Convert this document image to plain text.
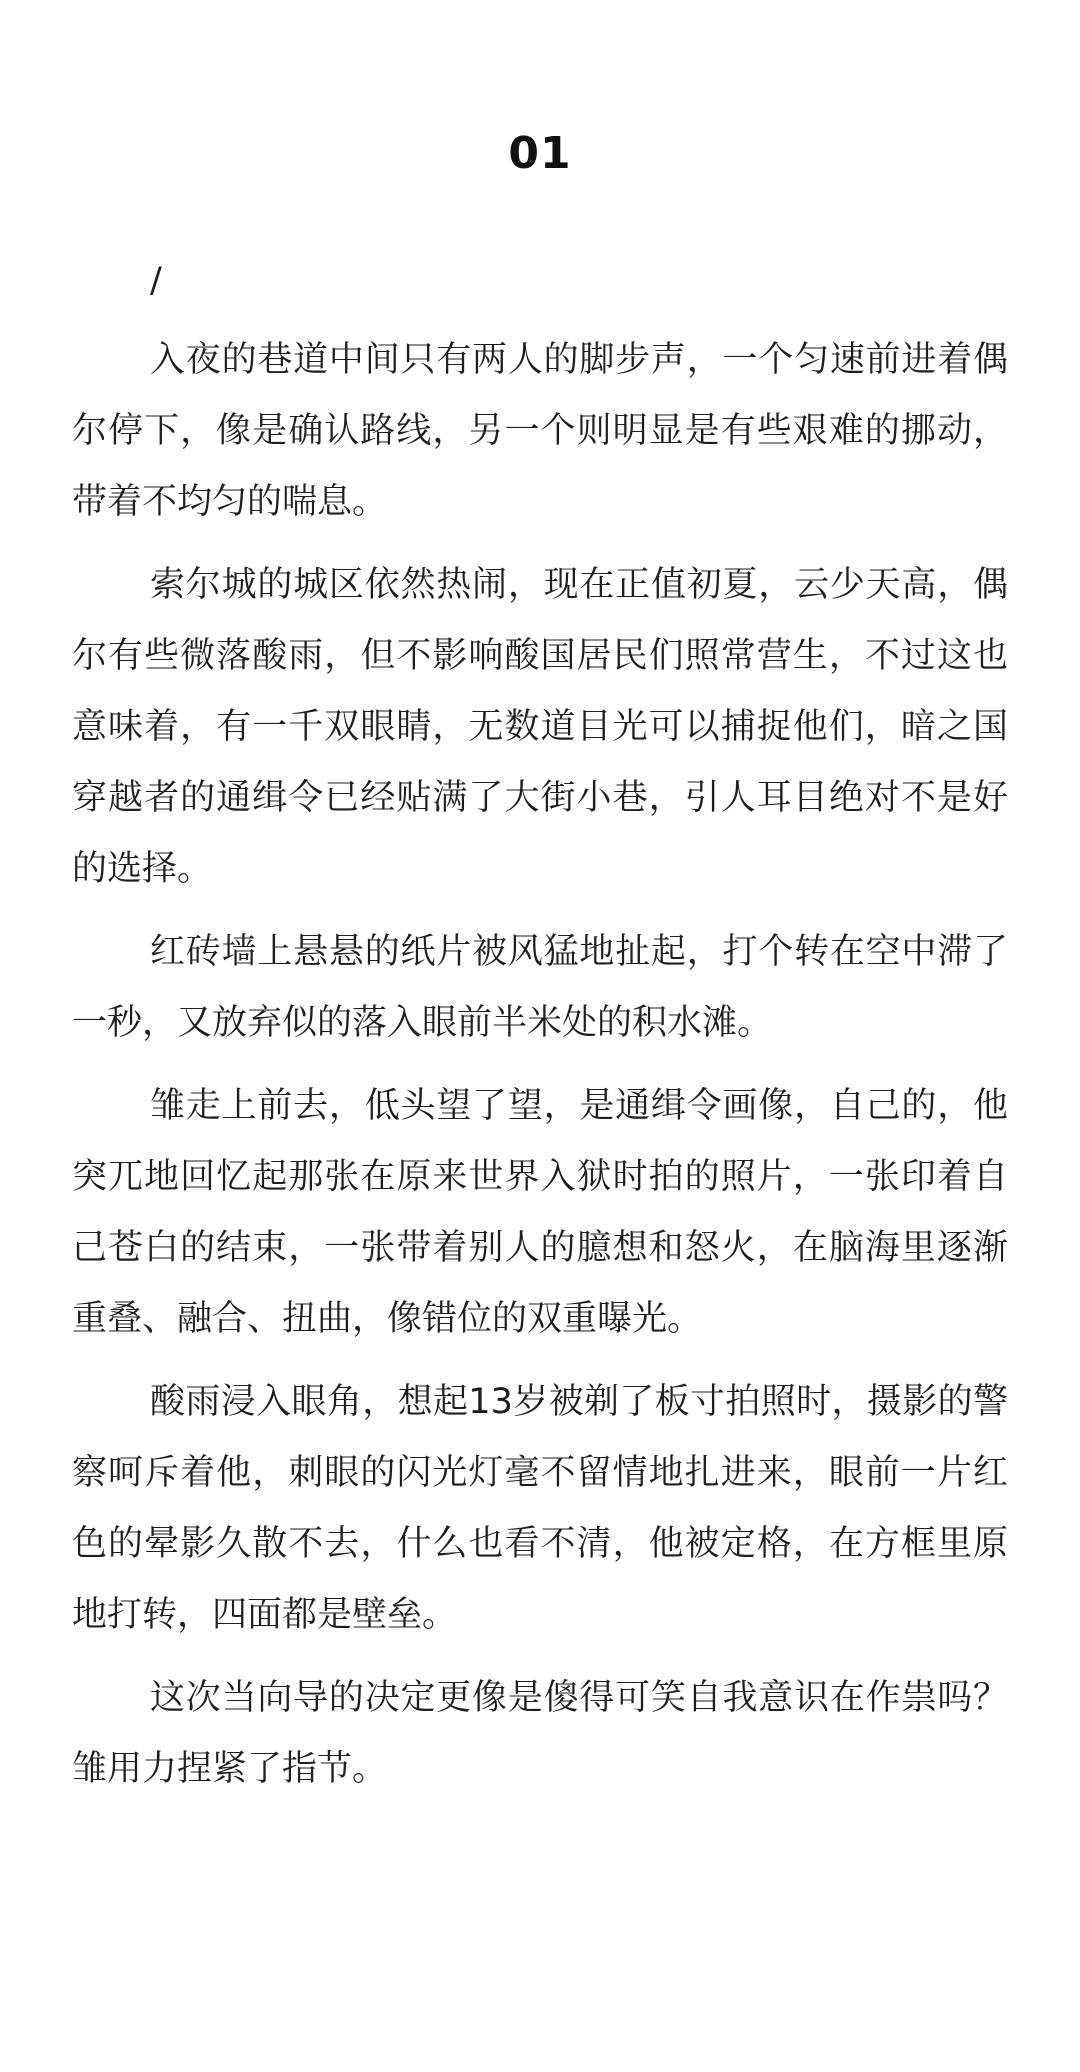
01

/

入夜的巷道中间只有两人的脚步声，一个匀速前进着偶尔停下，像是确认路线，另一个则明显是有些艰难的挪动，带着不均匀的喘息。

索尔城的城区依然热闹，现在正值初夏，云少天高，偶尔有些微落酸雨，但不影响酸国居民们照常营生，不过这也意味着，有一千双眼睛，无数道目光可以捕捉他们，暗之国穿越者的通缉令已经贴满了大街小巷，引人耳目绝对不是好的选择。

红砖墙上悬悬的纸片被风猛地扯起，打个转在空中滞了一秒，又放弃似的落入眼前半米处的积水滩。

雏走上前去，低头望了望，是通缉令画像，自己的，他突兀地回忆起那张在原来世界入狱时拍的照片，一张印着自己苍白的结束，一张带着别人的臆想和怒火，在脑海里逐渐重叠、融合、扭曲，像错位的双重曝光。

酸雨浸入眼角，想起13岁被剃了板寸拍照时，摄影的警察呵斥着他，刺眼的闪光灯毫不留情地扎进来，眼前一片红色的晕影久散不去，什么也看不清，他被定格，在方框里原地打转，四面都是壁垒。

这次当向导的决定更像是傻得可笑自我意识在作祟吗？雏用力捏紧了指节。
